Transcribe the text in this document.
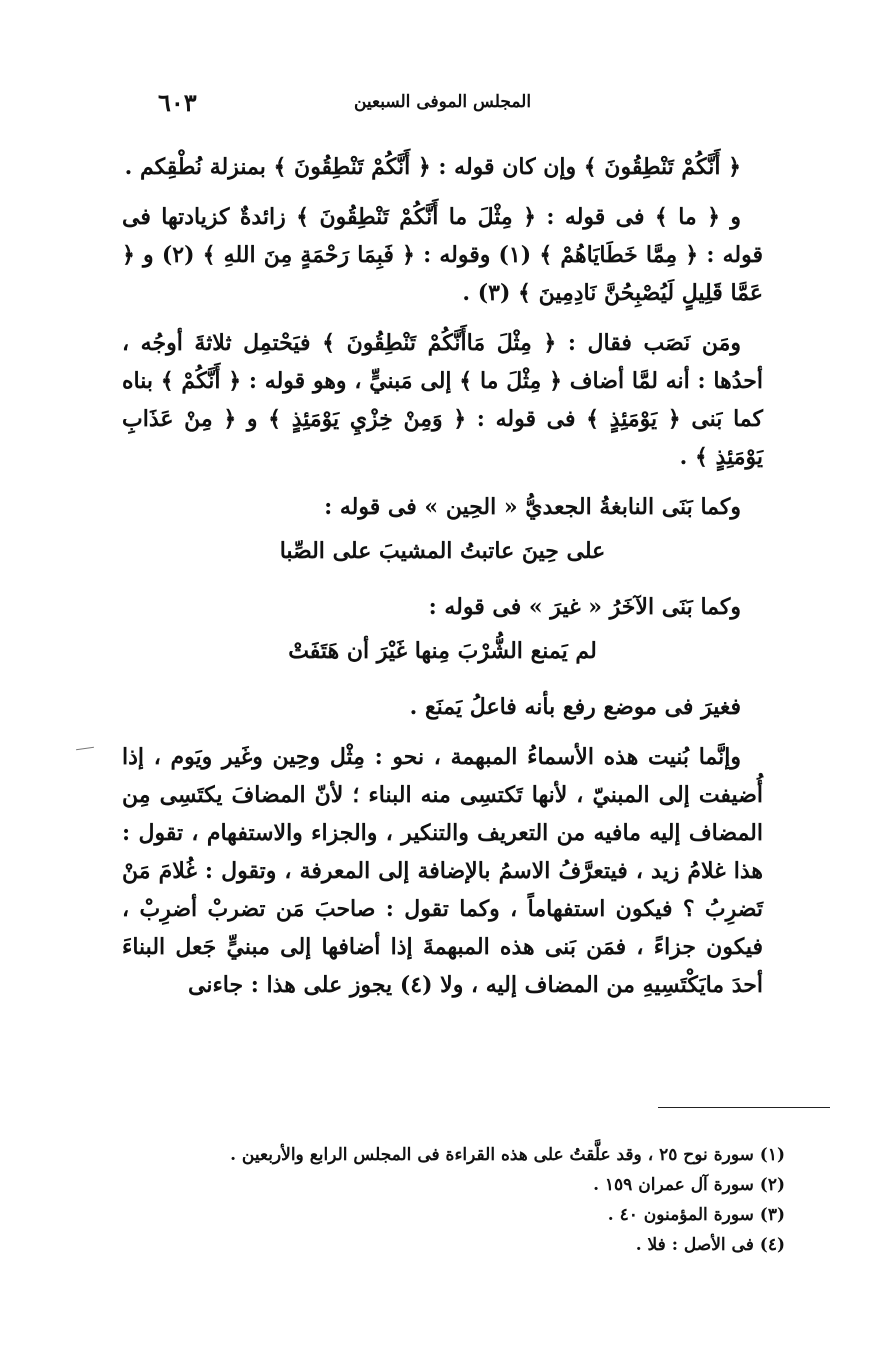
٦٠٣	المجلس الموفى السبعين

﴿ أَنَّكُمْ تَنْطِقُونَ ﴾ وإن كان قوله : ﴿ أَنَّكُمْ تَنْطِقُونَ ﴾ بمنزلة نُطْقِكم .

و ﴿ ما ﴾ فى قوله : ﴿ مِثْلَ ما أَنَّكُمْ تَنْطِقُونَ ﴾ زائدةٌ كزيادتها فى قوله : ﴿ مِمَّا خَطَايَاهُمْ ﴾ (١) وقوله : ﴿ فَبِمَا رَحْمَةٍ مِنَ اللهِ ﴾ (٢) و ﴿ عَمَّا قَلِيلٍ لَيُصْبِحُنَّ نَادِمِينَ ﴾ (٣) .

ومَن نَصَب فقال : ﴿ مِثْلَ مَاأَنَّكُمْ تَنْطِقُونَ ﴾ فيَحْتمِل ثلاثةَ أوجُه ، أحدُها : أنه لمَّا أضاف ﴿ مِثْلَ ما ﴾ إلى مَبنيٍّ ، وهو قوله : ﴿ أَنَّكُمْ ﴾ بناه كما بَنى ﴿ يَوْمَئِذٍ ﴾ فى قوله : ﴿ وَمِنْ خِزْيِ يَوْمَئِذٍ ﴾ و ﴿ مِنْ عَذَابِ يَوْمَئِذٍ ﴾ .

وكما بَنَى النابغةُ الجعديُّ « الحِين » فى قوله :

على حِينَ عاتبتُ المشيبَ على الصِّبا

وكما بَنَى الآخَرُ « غيرَ » فى قوله :

لم يَمنع الشُّرْبَ مِنها غَيْرَ أن هَتَفَتْ

فغيرَ فى موضع رفع بأنه فاعلُ يَمنَع .

وإنَّما بُنيت هذه الأسماءُ المبهمة ، نحو : مِثْل وحِين وغَير ويَوم ، إذا أُضيفت إلى المبنيّ ، لأنها تَكتسِى منه البناء ؛ لأنّ المضافَ يكتَسِى مِن المضاف إليه مافيه من التعريف والتنكير ، والجزاء والاستفهام ، تقول : هذا غلامُ زيد ، فيتعرَّفُ الاسمُ بالإضافة إلى المعرفة ، وتقول : غُلامَ مَنْ تَضرِبُ ؟ فيكون استفهاماً ، وكما تقول : صاحبَ مَن تضربْ أضرِبْ ، فيكون جزاءً ، فمَن بَنى هذه المبهمةَ إذا أضافها إلى مبنيٍّ جَعل البناءَ أحدَ مايَكْتَسِيهِ من المضاف إليه ، ولا (٤) يجوز على هذا : جاءنى

(١) سورة نوح ٢٥ ، وقد علَّقتُ على هذه القراءة فى المجلس الرابع والأربعين .

(٢) سورة آل عمران ١٥٩ .

(٣) سورة المؤمنون ٤٠ .

(٤) فى الأصل : فلا .
